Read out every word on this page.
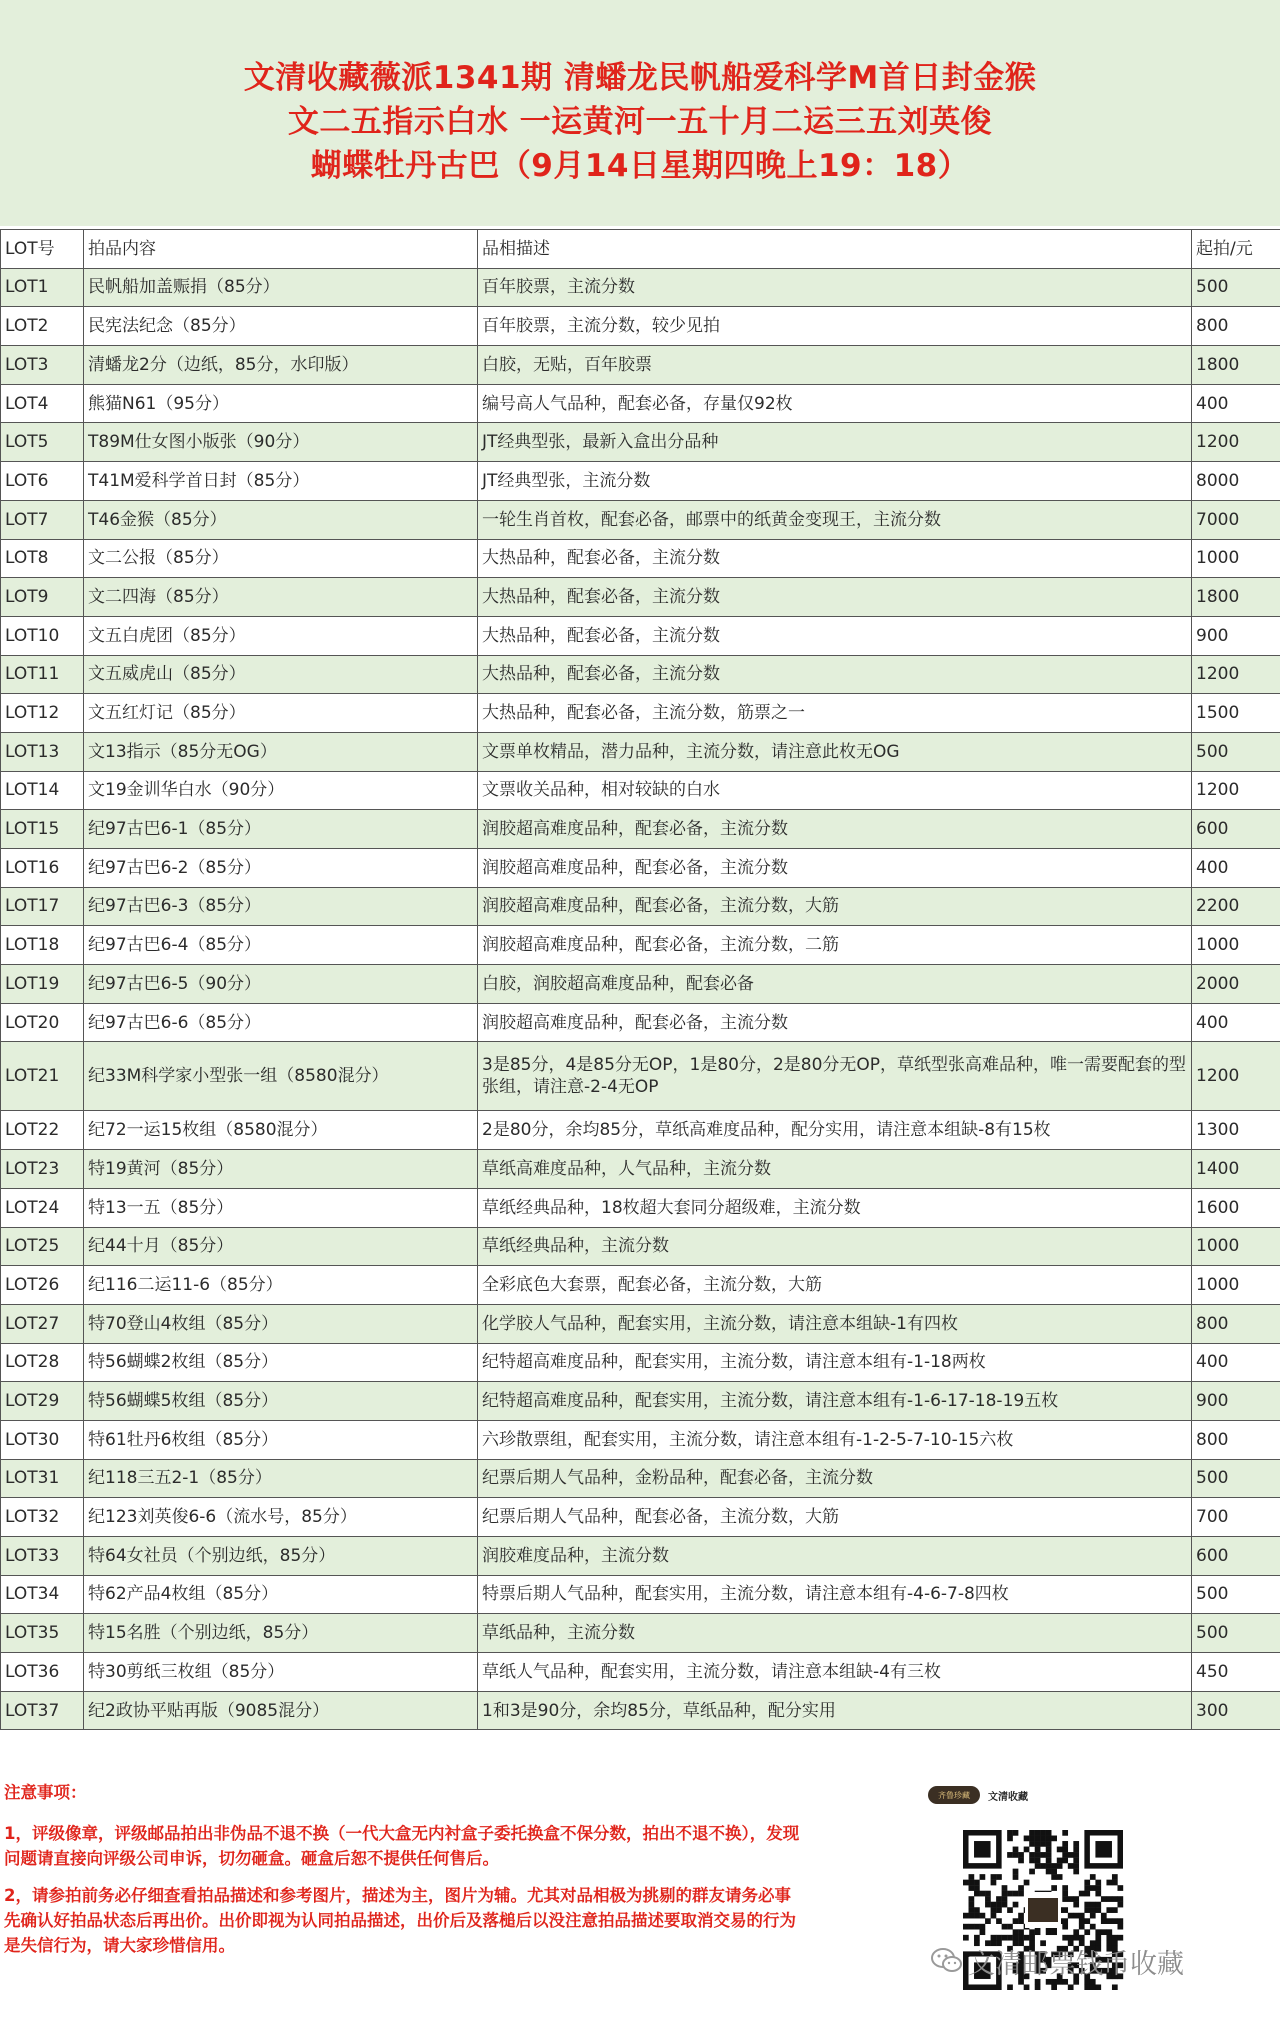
文清收藏薇派1341期 清蟠龙民帆船爱科学M首日封金猴
文二五指示白水 一运黄河一五十月二运三五刘英俊
蝴蝶牡丹古巴（9月14日星期四晚上19：18）
LOT号	拍品内容	品相描述	起拍/元
LOT1	民帆船加盖赈捐（85分）	百年胶票，主流分数	500
LOT2	民宪法纪念（85分）	百年胶票，主流分数，较少见拍	800
LOT3	清蟠龙2分（边纸，85分，水印版）	白胶，无贴，百年胶票	1800
LOT4	熊猫N61（95分）	编号高人气品种，配套必备，存量仅92枚	400
LOT5	T89M仕女图小版张（90分）	JT经典型张，最新入盒出分品种	1200
LOT6	T41M爱科学首日封（85分）	JT经典型张，主流分数	8000
LOT7	T46金猴（85分）	一轮生肖首枚，配套必备，邮票中的纸黄金变现王，主流分数	7000
LOT8	文二公报（85分）	大热品种，配套必备，主流分数	1000
LOT9	文二四海（85分）	大热品种，配套必备，主流分数	1800
LOT10	文五白虎团（85分）	大热品种，配套必备，主流分数	900
LOT11	文五威虎山（85分）	大热品种，配套必备，主流分数	1200
LOT12	文五红灯记（85分）	大热品种，配套必备，主流分数，筋票之一	1500
LOT13	文13指示（85分无OG）	文票单枚精品，潜力品种，主流分数，请注意此枚无OG	500
LOT14	文19金训华白水（90分）	文票收关品种，相对较缺的白水	1200
LOT15	纪97古巴6-1（85分）	润胶超高难度品种，配套必备，主流分数	600
LOT16	纪97古巴6-2（85分）	润胶超高难度品种，配套必备，主流分数	400
LOT17	纪97古巴6-3（85分）	润胶超高难度品种，配套必备，主流分数，大筋	2200
LOT18	纪97古巴6-4（85分）	润胶超高难度品种，配套必备，主流分数，二筋	1000
LOT19	纪97古巴6-5（90分）	白胶，润胶超高难度品种，配套必备	2000
LOT20	纪97古巴6-6（85分）	润胶超高难度品种，配套必备，主流分数	400
LOT21	纪33M科学家小型张一组（8580混分）	3是85分，4是85分无OP，1是80分，2是80分无OP，草纸型张高难品种，唯一需要配套的型张组，请注意-2-4无OP	1200
LOT22	纪72一运15枚组（8580混分）	2是80分，余均85分，草纸高难度品种，配分实用，请注意本组缺-8有15枚	1300
LOT23	特19黄河（85分）	草纸高难度品种，人气品种，主流分数	1400
LOT24	特13一五（85分）	草纸经典品种，18枚超大套同分超级难，主流分数	1600
LOT25	纪44十月（85分）	草纸经典品种，主流分数	1000
LOT26	纪116二运11-6（85分）	全彩底色大套票，配套必备，主流分数，大筋	1000
LOT27	特70登山4枚组（85分）	化学胶人气品种，配套实用，主流分数，请注意本组缺-1有四枚	800
LOT28	特56蝴蝶2枚组（85分）	纪特超高难度品种，配套实用，主流分数，请注意本组有-1-18两枚	400
LOT29	特56蝴蝶5枚组（85分）	纪特超高难度品种，配套实用，主流分数，请注意本组有-1-6-17-18-19五枚	900
LOT30	特61牡丹6枚组（85分）	六珍散票组，配套实用，主流分数，请注意本组有-1-2-5-7-10-15六枚	800
LOT31	纪118三五2-1（85分）	纪票后期人气品种，金粉品种，配套必备，主流分数	500
LOT32	纪123刘英俊6-6（流水号，85分）	纪票后期人气品种，配套必备，主流分数，大筋	700
LOT33	特64女社员（个别边纸，85分）	润胶难度品种，主流分数	600
LOT34	特62产品4枚组（85分）	特票后期人气品种，配套实用，主流分数，请注意本组有-4-6-7-8四枚	500
LOT35	特15名胜（个别边纸，85分）	草纸品种，主流分数	500
LOT36	特30剪纸三枚组（85分）	草纸人气品种，配套实用，主流分数，请注意本组缺-4有三枚	450
LOT37	纪2政协平贴再版（9085混分）	1和3是90分，余均85分，草纸品种，配分实用	300
注意事项：

1，评级像章，评级邮品拍出非伪品不退不换（一代大盒无内衬盒子委托换盒不保分数，拍出不退不换），发现问题请直接向评级公司申诉，切勿砸盒。砸盒后恕不提供任何售后。

2，请参拍前务必仔细查看拍品描述和参考图片，描述为主，图片为辅。尤其对品相极为挑剔的群友请务必事先确认好拍品状态后再出价。出价即视为认同拍品描述，出价后及落槌后以没注意拍品描述要取消交易的行为是失信行为，请大家珍惜信用。

齐鲁珍藏	文清收藏
文清邮票钱币收藏
